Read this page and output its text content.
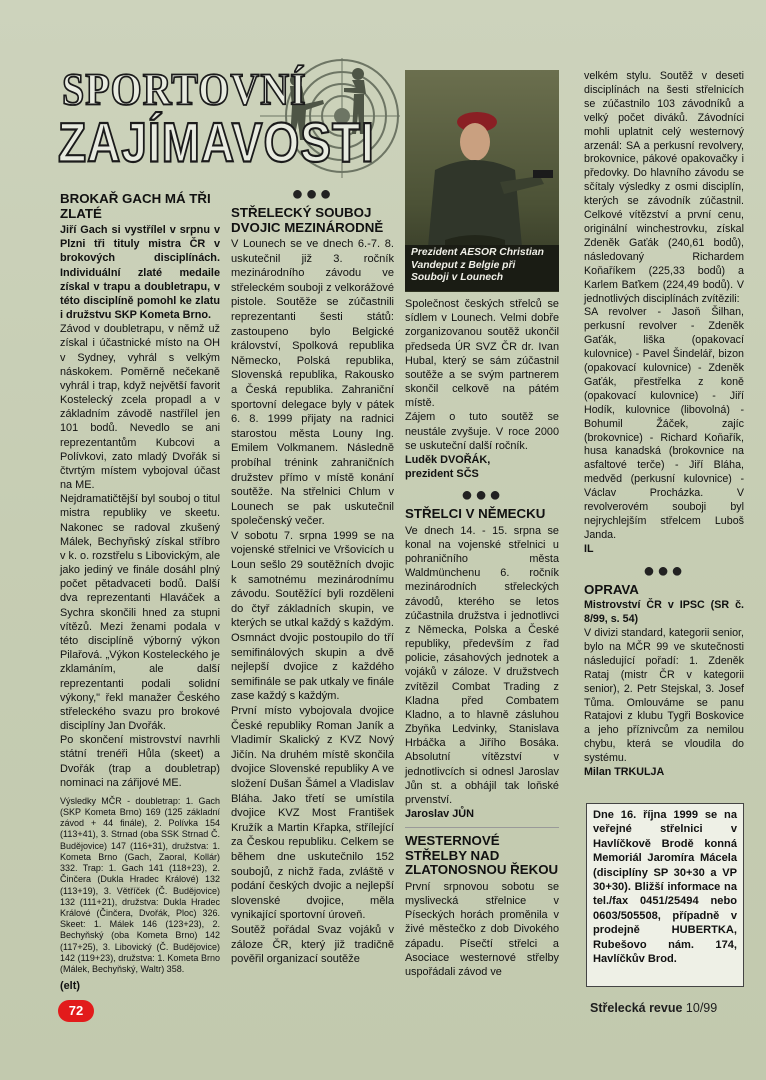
SPORTOVNÍ
ZAJÍMAVOSTI
BROKAŘ GACH MÁ TŘI ZLATÉ

Jiří Gach si vystřílel v srpnu v Plzni tři tituly mistra ČR v brokových disciplínách. Individuální zlaté medaile získal v trapu a doubletrapu, v této disciplíně pomohl ke zlatu i družstvu SKP Kometa Brno.

Závod v doubletrapu, v němž už získal i účastnické místo na OH v Sydney, vyhrál s velkým náskokem. Poměrně nečekaně vyhrál i trap, když největší favorit Kostelecký zcela propadl a v základním závodě nastřílel jen 101 bodů. Nevedlo se ani reprezentantům Kubcovi a Polívkovi, zato mladý Dvořák si čtvrtým místem vybojoval účast na ME.

Nejdramatičtější byl souboj o titul mistra republiky ve skeetu. Nakonec se radoval zkušený Málek, Bechyňský získal stříbro v k. o. rozstřelu s Libovickým, ale jako jediný ve finále dosáhl plný počet pětadvaceti bodů. Další dva reprezentanti Hlaváček a Sychra skončili hned za stupni vítězů. Mezi ženami podala v této disciplíně výborný výkon Pilařová. „Výkon Kosteleckého je zklamáním, ale další reprezentanti podali solidní výkony," řekl manažer Českého střeleckého svazu pro brokové disciplíny Jan Dvořák.

Po skončení mistrovství navrhli státní trenéři Hůla (skeet) a Dvořák (trap a doubletrap) nominaci na zářijové ME.

Výsledky MČR - doubletrap: 1. Gach (SKP Kometa Brno) 169 (125 základní závod + 44 finále), 2. Polívka 154 (113+41), 3. Strnad (oba SSK Strnad Č. Budějovice) 147 (116+31), družstva: 1. Kometa Brno (Gach, Zaoral, Kollár) 332. Trap: 1. Gach 141 (118+23), 2. Činčera (Dukla Hradec Králové) 132 (113+19), 3. Větříček (Č. Budějovice) 132 (111+21), družstva: Dukla Hradec Králové (Činčera, Dvořák, Ploc) 326. Skeet: 1. Málek 146 (123+23), 2. Bechyňský (oba Kometa Brno) 142 (117+25), 3. Libovický (Č. Budějovice) 142 (119+23), družstva: 1. Kometa Brno (Málek, Bechyňský, Waltr) 358.

(elt)

●●●
STŘELECKÝ SOUBOJ DVOJIC MEZINÁRODNĚ

V Lounech se ve dnech 6.-7. 8. uskutečnil již 3. ročník mezinárodního závodu ve střeleckém souboji z velkorážové pistole. Soutěže se zúčastnili reprezentanti šesti států: zastoupeno bylo Belgické království, Spolková republika Německo, Polská republika, Slovenská republika, Rakousko a Česká republika. Zahraniční sportovní delegace byly v pátek 6. 8. 1999 přijaty na radnici starostou města Louny Ing. Emilem Volkmanem. Následně probíhal trénink zahraničních družstev přímo v místě konání soutěže. Na střelnici Chlum v Lounech se pak uskutečnil společenský večer.

V sobotu 7. srpna 1999 se na vojenské střelnici ve Vršovicích u Loun sešlo 29 soutěžních dvojic k samotnému mezinárodnímu závodu. Soutěžící byli rozděleni do čtyř základních skupin, ve kterých se utkal každý s každým. Osmnáct dvojic postoupilo do tří semifinálových skupin a dvě nejlepší dvojice z každého semifinále se pak utkaly ve finále zase každý s každým.

První místo vybojovala dvojice České republiky Roman Janík a Vladimír Skalický z KVZ Nový Jičín. Na druhém místě skončila dvojice Slovenské republiky A ve složení Dušan Šámel a Vladislav Bláha. Jako třetí se umístila dvojice KVZ Most František Kružík a Martin Křapka, střílející za Českou republiku. Celkem se během dne uskutečnilo 152 soubojů, z nichž řada, zvláště v podání českých dvojic a nejlepší slovenské dvojice, měla vynikající sportovní úroveň.

Soutěž pořádal Svaz vojáků v záloze ČR, který již tradičně pověřil organizací soutěže

Prezident AESOR Christian Vandeput z Belgie při Souboji v Lounech

Společnost českých střelců se sídlem v Lounech. Velmi dobře zorganizovanou soutěž ukončil předseda ÚR SVZ ČR dr. Ivan Hubal, který se sám zúčastnil soutěže a se svým partnerem skončil celkově na pátém místě.

Zájem o tuto soutěž se neustále zvyšuje. V roce 2000 se uskuteční další ročník.

Luděk DVOŘÁK,

prezident SČS

●●●
STŘELCI V NĚMECKU

Ve dnech 14. - 15. srpna se konal na vojenské střelnici u pohraničního města Waldmünchenu 6. ročník mezinárodních střeleckých závodů, kterého se letos zúčastnila družstva i jednotlivci z Německa, Polska a České republiky, především z řad policie, zásahových jednotek a vojáků v záloze. V družstvech zvítězil Combat Trading z Kladna před Combatem Kladno, a to hlavně zásluhou Zbyňka Ledvinky, Stanislava Hrbáčka a Jiřího Bosáka. Absolutní vítězství v jednotlivcích si odnesl Jaroslav Jůn st. a obhájil tak loňské prvenství.

Jaroslav JŮN

WESTERNOVÉ STŘELBY NAD ZLATONOSNOU ŘEKOU

První srpnovou sobotu se myslivecká střelnice v Píseckých horách proměnila v živé městečko z dob Divokého západu. Písečtí střelci a Asociace westernové střelby uspořádali závod ve

velkém stylu. Soutěž v deseti disciplínách na šesti střelnicích se zúčastnilo 103 závodníků a velký počet diváků. Závodníci mohli uplatnit celý westernový arzenál: SA a perkusní revolvery, brokovnice, pákové opakovačky i předovky. Do hlavního závodu se sčítaly výsledky z osmi disciplín, kterých se závodník zúčastnil. Celkové vítězství a první cenu, originální winchestrovku, získal Zdeněk Gaťák (240,61 bodů), následovaný Richardem Koňaříkem (225,33 bodů) a Karlem Baťkem (224,49 bodů). V jednotlivých disciplínách zvítězili:

SA revolver - Jasoň Šilhan, perkusní revolver - Zdeněk Gaťák, liška (opakovací kulovnice) - Pavel Šindelář, bizon (opakovací kulovnice) - Zdeněk Gaťák, přestřelka z koně (opakovací kulovnice) - Jiří Hodík, kulovnice (libovolná) - Bohumil Žáček, zajíc (brokovnice) - Richard Koňařík, husa kanadská (brokovnice na asfaltové terče) - Jiří Bláha, medvěd (perkusní kulovnice) - Václav Procházka. V revolverovém souboji byl nejrychlejším střelcem Luboš Janda.

IL

●●●
OPRAVA

Mistrovství ČR v IPSC (SR č. 8/99, s. 54)

V divizi standard, kategorii senior, bylo na MČR 99 ve skutečnosti následující pořadí: 1. Zdeněk Rataj (mistr ČR v kategorii senior), 2. Petr Stejskal, 3. Josef Tůma. Omlouváme se panu Ratajovi z klubu Tygři Boskovice a jeho příznivcům za nemilou chybu, která se vloudila do systému.

Milan TRKULJA

Dne 16. října 1999 se na veřejné střelnici v Havlíčkově Brodě konná Memoriál Jaromíra Mácela (disciplíny SP 30+30 a VP 30+30). Bližší informace na tel./fax 0451/25494 nebo 0603/505508, případně v prodejně HUBERTKA, Rubešovo nám. 174, Havlíčkův Brod.
72	Střelecká revue 10/99
